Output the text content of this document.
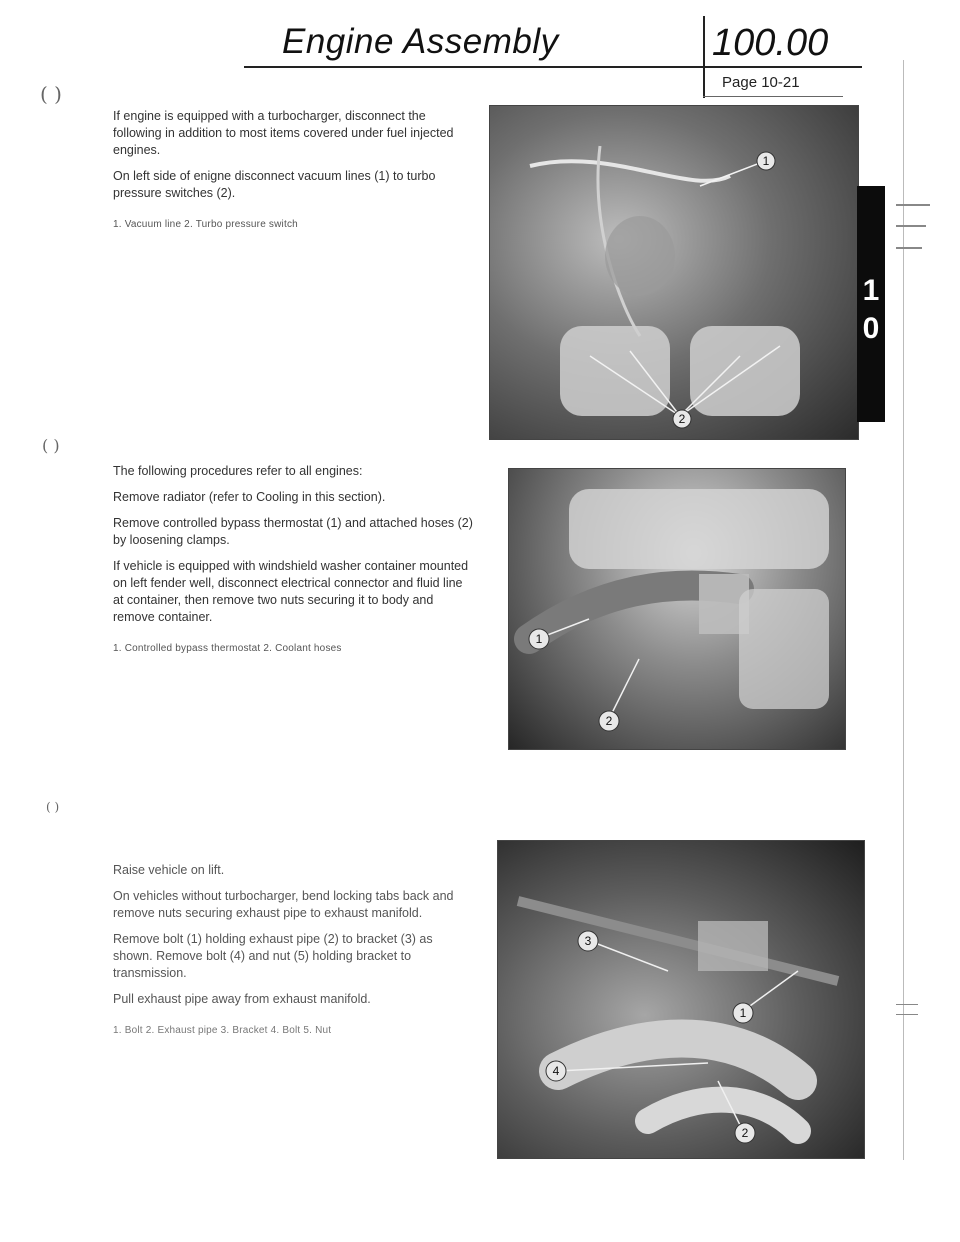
Engine Assembly	100.00
Page 10-21
( )
( )
( )

If engine is equipped with a turbocharger, disconnect the following in addition to most items covered under fuel injected engines.

On left side of enigne disconnect vacuum lines (1) to turbo pressure switches (2).

1. Vacuum line 2. Turbo pressure switch
1
2
1
0

The following procedures refer to all engines:

Remove radiator (refer to Cooling in this section).

Remove controlled bypass thermostat (1) and attached hoses (2) by loosening clamps.

If vehicle is equipped with windshield washer container mounted on left fender well, disconnect electrical connector and fluid line at container, then remove two nuts securing it to body and remove container.

1. Controlled bypass thermostat 2. Coolant hoses
1
2

Raise vehicle on lift.

On vehicles without turbocharger, bend locking tabs back and remove nuts securing exhaust pipe to exhaust manifold.

Remove bolt (1) holding exhaust pipe (2) to bracket (3) as shown. Remove bolt (4) and nut (5) holding bracket to transmission.

Pull exhaust pipe away from exhaust manifold.

1. Bolt 2. Exhaust pipe 3. Bracket 4. Bolt 5. Nut
3
1
4
2
